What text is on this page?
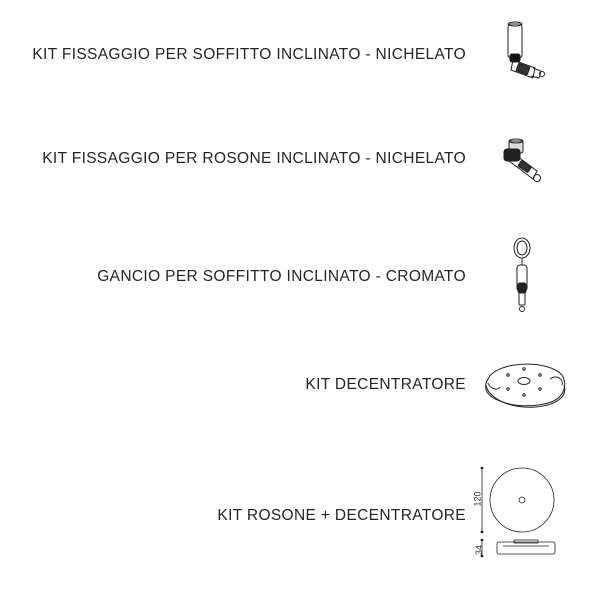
KIT FISSAGGIO PER SOFFITTO INCLINATO - NICHELATO
KIT FISSAGGIO PER ROSONE INCLINATO - NICHELATO
GANCIO PER SOFFITTO INCLINATO - CROMATO
KIT DECENTRATORE
KIT ROSONE + DECENTRATORE
120
34
